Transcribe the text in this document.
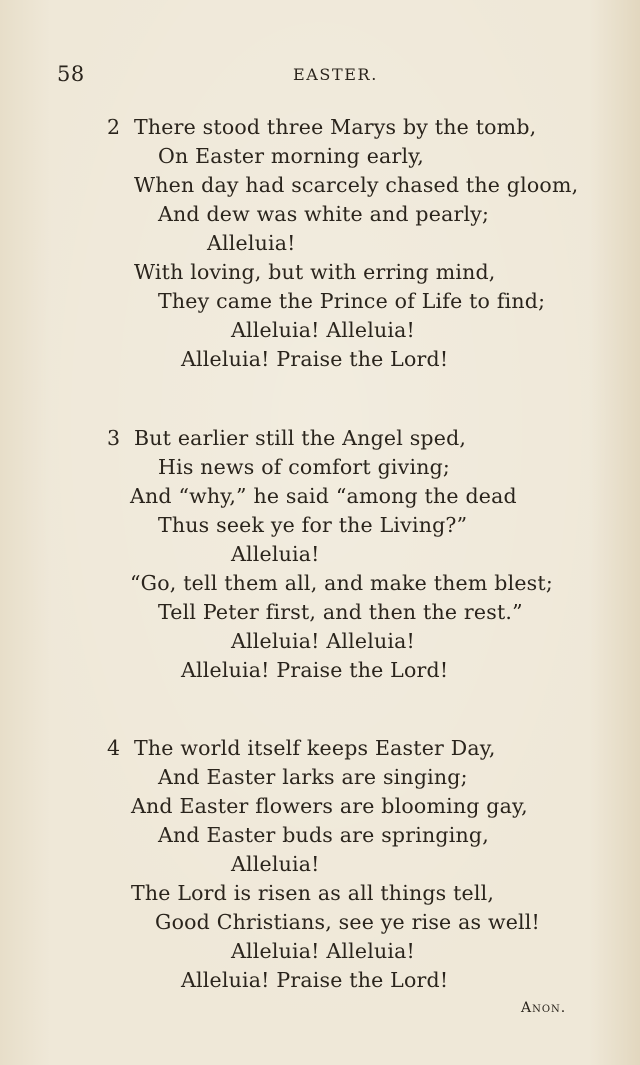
58	EASTER.
2 There stood three Marys by the tomb,
On Easter morning early,
When day had scarcely chased the gloom,
And dew was white and pearly;
Alleluia!
With loving, but with erring mind,
They came the Prince of Life to find;
Alleluia! Alleluia!
Alleluia! Praise the Lord!
3 But earlier still the Angel sped,
His news of comfort giving;
And “why,” he said “among the dead
Thus seek ye for the Living?”
Alleluia!
“Go, tell them all, and make them blest;
Tell Peter first, and then the rest.”
Alleluia! Alleluia!
Alleluia! Praise the Lord!
4 The world itself keeps Easter Day,
And Easter larks are singing;
And Easter flowers are blooming gay,
And Easter buds are springing,
Alleluia!
The Lord is risen as all things tell,
Good Christians, see ye rise as well!
Alleluia! Alleluia!
Alleluia! Praise the Lord!
Anon.
